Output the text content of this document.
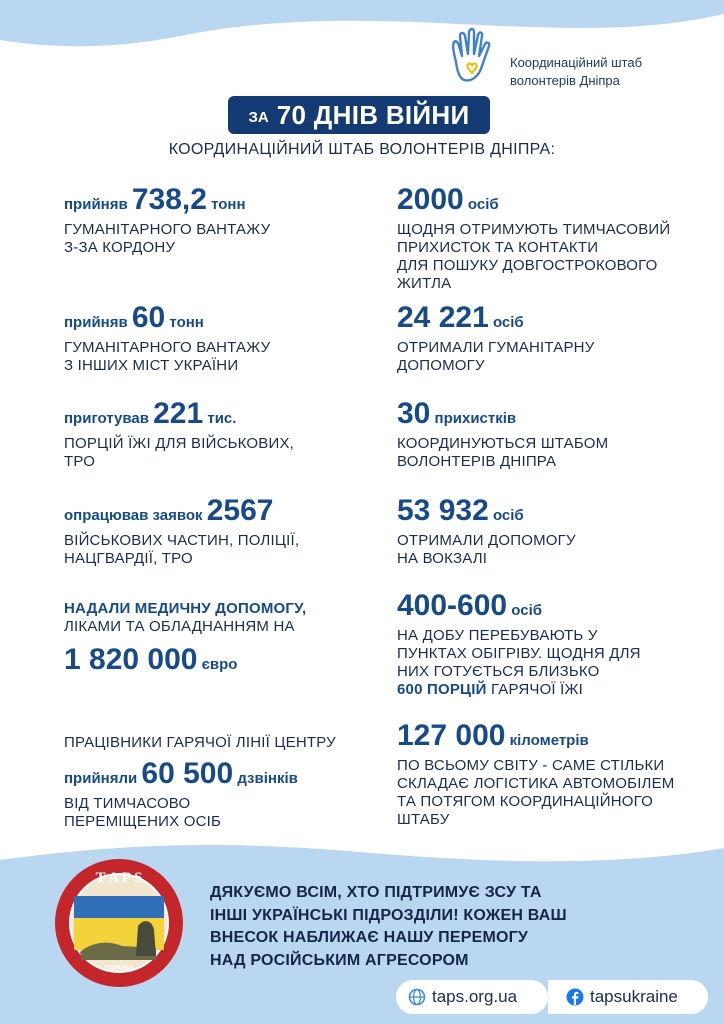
Координаційний штаб
волонтерів Дніпра
ЗА 70 ДНІВ ВІЙНИ
КООРДИНАЦІЙНИЙ ШТАБ ВОЛОНТЕРІВ ДНІПРА:
прийняв 738,2 тонн
ГУМАНІТАРНОГО ВАНТАЖУ
З-ЗА КОРДОНУ
прийняв 60 тонн
ГУМАНІТАРНОГО ВАНТАЖУ
З ІНШИХ МІСТ УКРАЇНИ
приготував 221 тис.
ПОРЦІЙ ЇЖІ ДЛЯ ВІЙСЬКОВИХ,
ТРО
опрацював заявок 2567
ВІЙСЬКОВИХ ЧАСТИН, ПОЛІЦІЇ,
НАЦГВАРДІЇ, ТРО
НАДАЛИ МЕДИЧНУ ДОПОМОГУ,
ЛІКАМИ ТА ОБЛАДНАННЯМ НА
1 820 000 євро
ПРАЦІВНИКИ ГАРЯЧОЇ ЛІНІЇ ЦЕНТРУ
прийняли 60 500 дзвінків
ВІД ТИМЧАСОВО
ПЕРЕМІЩЕНИХ ОСІБ
2000 осіб
ЩОДНЯ ОТРИМУЮТЬ ТИМЧАСОВИЙ
ПРИХИСТОК ТА КОНТАКТИ
ДЛЯ ПОШУКУ ДОВГОСТРОКОВОГО
ЖИТЛА
24 221 осіб
ОТРИМАЛИ ГУМАНІТАРНУ
ДОПОМОГУ
30 прихистків
КООРДИНУЮТЬСЯ ШТАБОМ
ВОЛОНТЕРІВ ДНІПРА
53 932 осіб
ОТРИМАЛИ ДОПОМОГУ
НА ВОКЗАЛІ
400-600 осіб
НА ДОБУ ПЕРЕБУВАЮТЬ У
ПУНКТАХ ОБІГРІВУ. ЩОДНЯ ДЛЯ
НИХ ГОТУЄТЬСЯ БЛИЗЬКО
600 ПОРЦІЙ ГАРЯЧОЇ ЇЖІ
127 000 кілометрів
ПО ВСЬОМУ СВІТУ - САМЕ СТІЛЬКИ
СКЛАДАЄ ЛОГІСТИКА АВТОМОБІЛЕМ
ТА ПОТЯГОМ КООРДИНАЦІЙНОГО
ШТАБУ
T A P S
УКРАЇНА
ДЯКУЄМО ВСІМ, ХТО ПІДТРИМУЄ ЗСУ ТА
ІНШІ УКРАЇНСЬКІ ПІДРОЗДІЛИ! КОЖЕН ВАШ
ВНЕСОК НАБЛИЖАЄ НАШУ ПЕРЕМОГУ
НАД РОСІЙСЬКИМ АГРЕСОРОМ
taps.org.ua	tapsukraine
